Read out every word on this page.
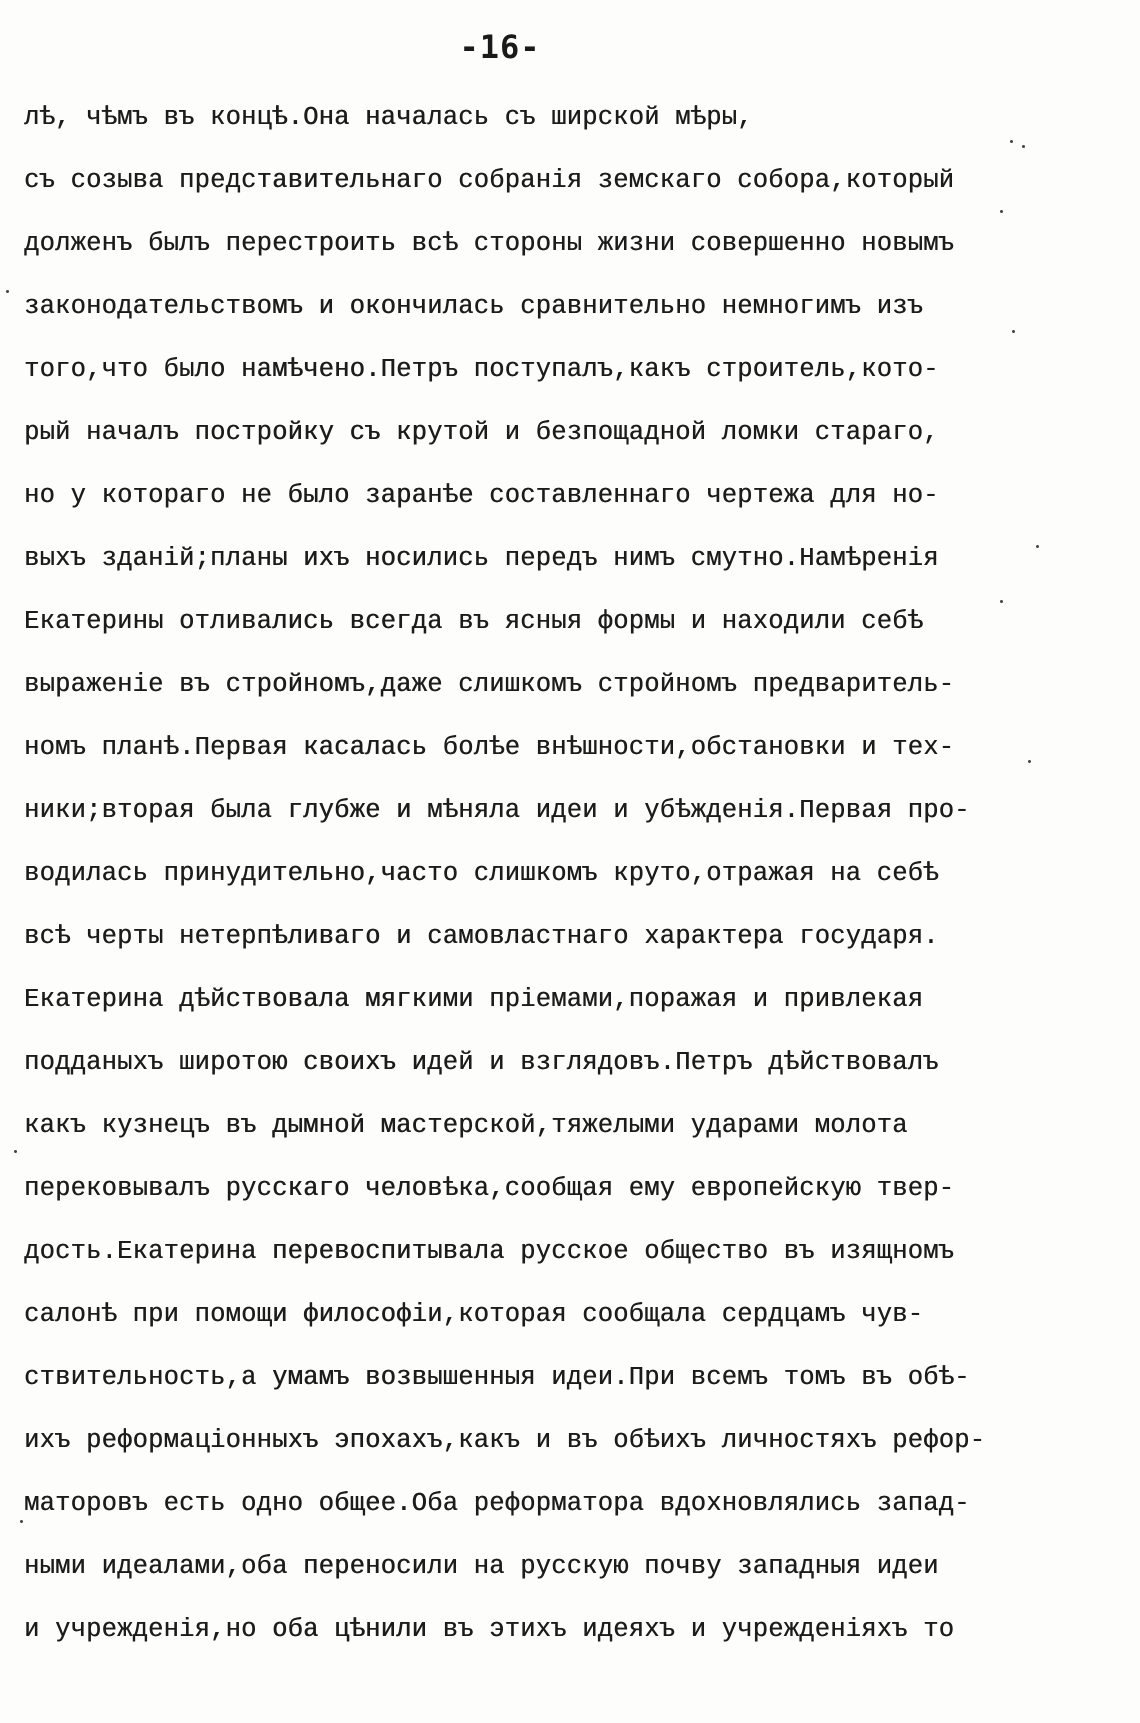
-16-
лѣ, чѣмъ въ концѣ.Она началась съ ширской мѣры,
съ созыва представительнаго собранія земскаго собора,который
долженъ былъ перестроить всѣ стороны жизни совершенно новымъ
законодательствомъ и окончилась сравнительно немногимъ изъ
того,что было намѣчено.Петръ поступалъ,какъ строитель,кото-
рый началъ постройку съ крутой и безпощадной ломки стараго,
но у котораго не было заранѣе составленнаго чертежа для но-
выхъ зданій;планы ихъ носились передъ нимъ смутно.Намѣренія
Екатерины отливались всегда въ ясныя формы и находили себѣ
выраженіе въ стройномъ,даже слишкомъ стройномъ предваритель-
номъ планѣ.Первая касалась болѣе внѣшности,обстановки и тех-
ники;вторая была глубже и мѣняла идеи и убѣжденія.Первая про-
водилась принудительно,часто слишкомъ круто,отражая на себѣ
всѣ черты нетерпѣливаго и самовластнаго характера государя.
Екатерина дѣйствовала мягкими пріемами,поражая и привлекая
подданыхъ широтою своихъ идей и взглядовъ.Петръ дѣйствовалъ
какъ кузнецъ въ дымной мастерской,тяжелыми ударами молота
перековывалъ русскаго человѣка,сообщая ему европейскую твер-
дость.Екатерина перевоспитывала русское общество въ изящномъ
салонѣ при помощи философіи,которая сообщала сердцамъ чув-
ствительность,а умамъ возвышенныя идеи.При всемъ томъ въ обѣ-
ихъ реформаціонныхъ эпохахъ,какъ и въ обѣихъ личностяхъ рефор-
маторовъ есть одно общее.Оба реформатора вдохновлялись запад-
ными идеалами,оба переносили на русскую почву западныя идеи
и учрежденія,но оба цѣнили въ этихъ идеяхъ и учрежденіяхъ то
